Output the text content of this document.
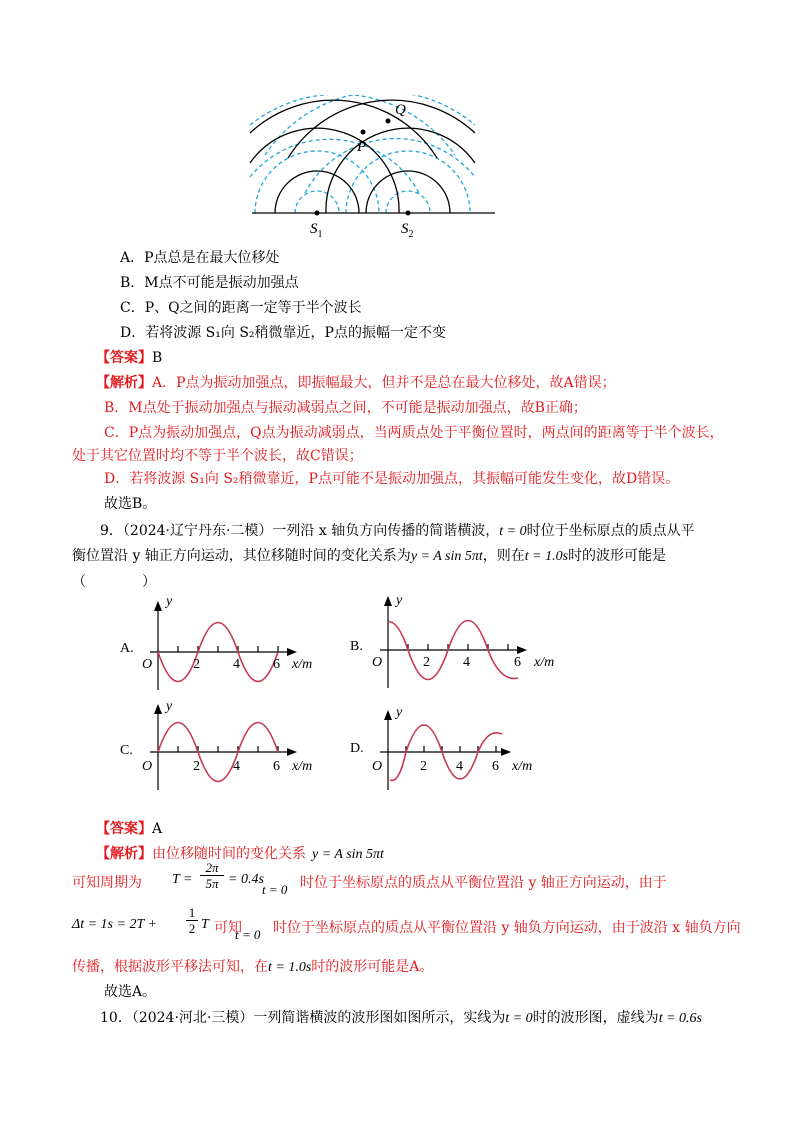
Q
P
$S_1$	$S_2$
A．P点总是在最大位移处
B．M点不可能是振动加强点
C．P、Q之间的距离一定等于半个波长
D．若将波源 S₁向 S₂稍微靠近，P点的振幅一定不变
【答案】B
【解析】A．P点为振动加强点，即振幅最大，但并不是总在最大位移处，故A错误；
B．M点处于振动加强点与振动减弱点之间，不可能是振动加强点，故B正确；
C．P点为振动加强点，Q点为振动减弱点，当两质点处于平衡位置时，两点间的距离等于半个波长，
处于其它位置时均不等于半个波长，故C错误；
D．若将波源 S₁向 S₂稍微靠近，P点可能不是振动加强点，其振幅可能发生变化，故D错误。
故选B。
9．（2024·辽宁丹东·二模）一列沿 x 轴负方向传播的简谐横波，t = 0时位于坐标原点的质点从平
衡位置沿 y 轴正方向运动，其位移随时间的变化关系为y = A sin 5πt，则在t = 1.0s时的波形可能是
（　　　　）
A.
y
O	2 4 6 x/m
B.
y
O	2 4	6 x/m
C.
y
O	2 4 6 x/m
D.
y
O	2 4 6 x/m
【答案】A
【解析】由位移随时间的变化关系 y = A sin 5πt
可知周期为 T =
2π
5π = 0.4s
t = 0 时位于坐标原点的质点从平衡位置沿 y 轴正方向运动，由于
Δt = 1s = 2T +
1
2 T 可知
t = 0 时位于坐标原点的质点从平衡位置沿 y 轴负方向运动，由于波沿 x 轴负方向
传播，根据波形平移法可知，在t = 1.0s时的波形可能是A。
故选A。
10．（2024·河北·三模）一列简谐横波的波形图如图所示，实线为t = 0时的波形图，虚线为t = 0.6s
